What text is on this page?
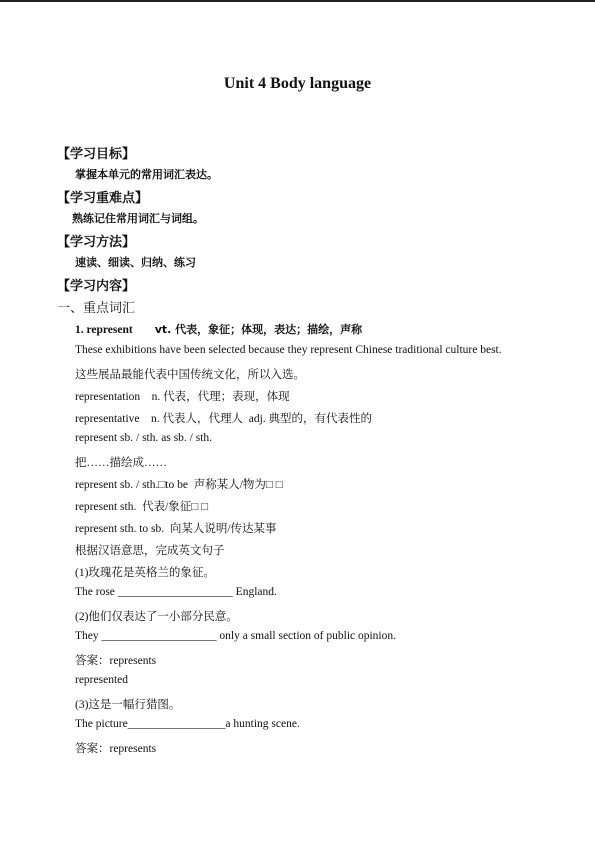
Unit 4 Body language
【学习目标】
掌握本单元的常用词汇表达。
【学习重难点】
熟练记住常用词汇与词组。
【学习方法】
速读、细读、归纳、练习
【学习内容】
一、重点词汇
1. represent vt. 代表，象征；体现，表达；描绘，声称
These exhibitions have been selected because they represent Chinese traditional culture best.
这些展品最能代表中国传统文化，所以入选。
representation    n. 代表，代理；表现，体现
representative    n. 代表人，代理人  adj. 典型的，有代表性的
represent sb. / sth. as sb. / sth.
把……描绘成……
represent sb. / sth.□to be  声称某人/物为□ □
represent sth.  代表/象征□ □
represent sth. to sb.  向某人说明/传达某事
根据汉语意思，完成英文句子
(1)玫瑰花是英格兰的象征。
The rose ____________________ England.
(2)他们仅表达了一小部分民意。
They ____________________ only a small section of public opinion.
答案：represents
represented
(3)这是一幅行猎图。
The picture_________________a hunting scene.
答案：represents
